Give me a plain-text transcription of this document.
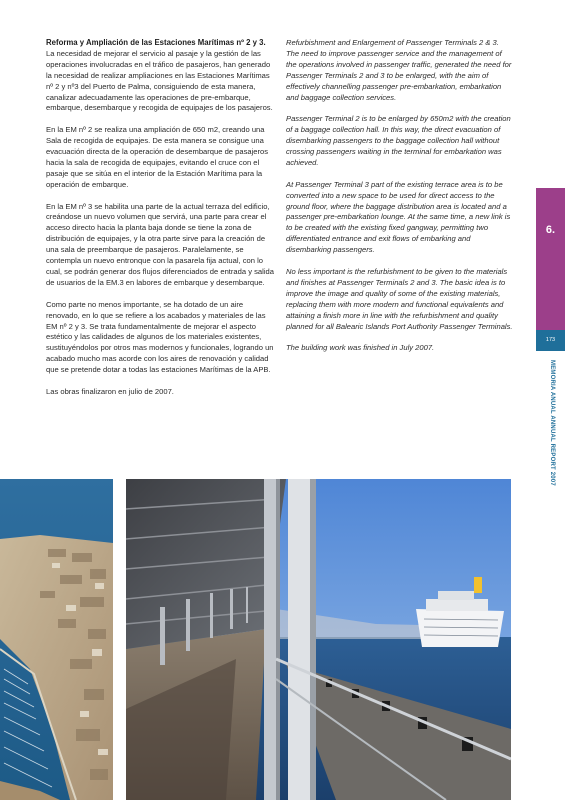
Reforma y Ampliación de las Estaciones Marítimas nº 2 y 3.

La necesidad de mejorar el servicio al pasaje y la gestión de las operaciones involucradas en el tráfico de pasajeros, han generado la necesidad de realizar ampliaciones en las Estaciones Marítimas nº 2 y nº3 del Puerto de Palma, consiguiendo de esta manera, canalizar adecuadamente las operaciones de pre-embarque, embarque, desembarque y recogida de equipajes de los pasajeros.

En la EM nº 2 se realiza una ampliación de 650 m2, creando una Sala de recogida de equipajes. De esta manera se consigue una evacuación directa de la operación de desembarque de pasajeros hacia la sala de recogida de equipajes, evitando el cruce con el pasaje que se sitúa en el interior de la Estación Marítima para la operación de embarque.

En la EM nº 3 se habilita una parte de la actual terraza del edificio, creándose un nuevo volumen que servirá, una parte para crear el acceso directo hacia la planta baja donde se tiene la zona de distribución de equipajes, y la otra parte sirve para la creación de una sala de preembarque de pasajeros. Paralelamente, se contempla un nuevo entronque con la pasarela fija actual, con lo cual, se podrán generar dos flujos diferenciados de entrada y salida de usuarios de la EM.3 en labores de embarque y desembarque.

Como parte no menos importante, se ha dotado de un aire renovado, en lo que se refiere a los acabados y materiales de las EM nº 2 y 3. Se trata fundamentalmente de mejorar el aspecto estético y las calidades de algunos de los materiales existentes, sustituyéndolos por otros mas modernos y funcionales, logrando un acabado mucho mas acorde con los aires de renovación y calidad que se pretende dotar a todas las estaciones Marítimas de la APB.

Las obras finalizaron en julio de 2007.

Refurbishment and Enlargement of Passenger Terminals 2 & 3. The need to improve passenger service and the management of the operations involved in passenger traffic, generated the need for Passenger Terminals 2 and 3 to be enlarged, with the aim of effectively channelling passenger pre-embarkation, embarkation and baggage collection services.

Passenger Terminal 2 is to be enlarged by 650m2 with the creation of a baggage collection hall. In this way, the direct evacuation of disembarking passengers to the baggage collection hall without crossing passengers waiting in the terminal for embarkation was achieved.

At Passenger Terminal 3 part of the existing terrace area is to be converted into a new space to be used for direct access to the ground floor, where the baggage distribution area is located and a passenger pre-embarkation lounge. At the same time, a new link is to be created with the existing fixed gangway, permitting two differentiated entrance and exit flows of embarking and disembarking passengers.

No less important is the refurbishment to be given to the materials and finishes at Passenger Terminals 2 and 3. The basic idea is to improve the image and quality of some of the existing materials, replacing them with more modern and functional equivalents and attaining a finish more in line with the refurbishment and quality planned for all Balearic Islands Port Authority Passenger Terminals.

The building work was finished in July 2007.

6.
173
MEMORIA ANUAL ANNUAL REPORT 2007
